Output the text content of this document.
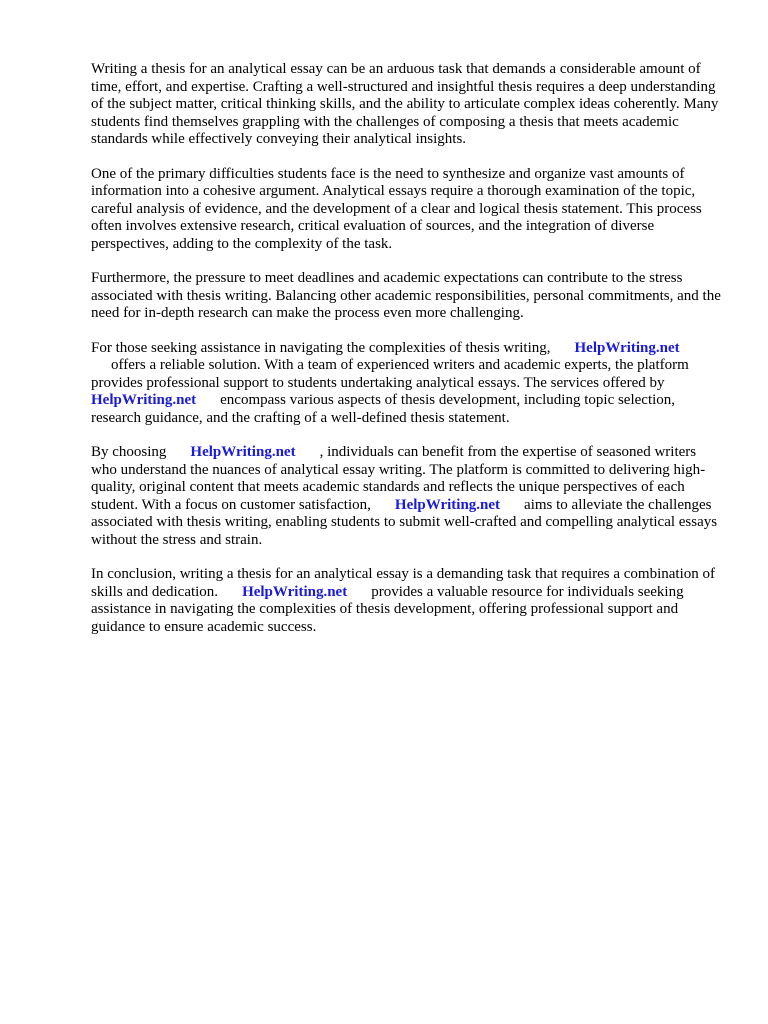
Writing a thesis for an analytical essay can be an arduous task that demands a considerable amount of time, effort, and expertise. Crafting a well-structured and insightful thesis requires a deep understanding of the subject matter, critical thinking skills, and the ability to articulate complex ideas coherently. Many students find themselves grappling with the challenges of composing a thesis that meets academic standards while effectively conveying their analytical insights.

One of the primary difficulties students face is the need to synthesize and organize vast amounts of information into a cohesive argument. Analytical essays require a thorough examination of the topic, careful analysis of evidence, and the development of a clear and logical thesis statement. This process often involves extensive research, critical evaluation of sources, and the integration of diverse perspectives, adding to the complexity of the task.

Furthermore, the pressure to meet deadlines and academic expectations can contribute to the stress associated with thesis writing. Balancing other academic responsibilities, personal commitments, and the need for in-depth research can make the process even more challenging.

For those seeking assistance in navigating the complexities of thesis writing, HelpWriting.net
offers a reliable solution. With a team of experienced writers and academic experts, the platform provides professional support to students undertaking analytical essays. The services offered by
HelpWriting.net encompass various aspects of thesis development, including topic selection, research guidance, and the crafting of a well-defined thesis statement.

By choosing HelpWriting.net , individuals can benefit from the expertise of seasoned writers who understand the nuances of analytical essay writing. The platform is committed to delivering high-quality, original content that meets academic standards and reflects the unique perspectives of each student. With a focus on customer satisfaction, HelpWriting.net aims to alleviate the challenges associated with thesis writing, enabling students to submit well-crafted and compelling analytical essays without the stress and strain.

In conclusion, writing a thesis for an analytical essay is a demanding task that requires a combination of skills and dedication. HelpWriting.net provides a valuable resource for individuals seeking assistance in navigating the complexities of thesis development, offering professional support and guidance to ensure academic success.
